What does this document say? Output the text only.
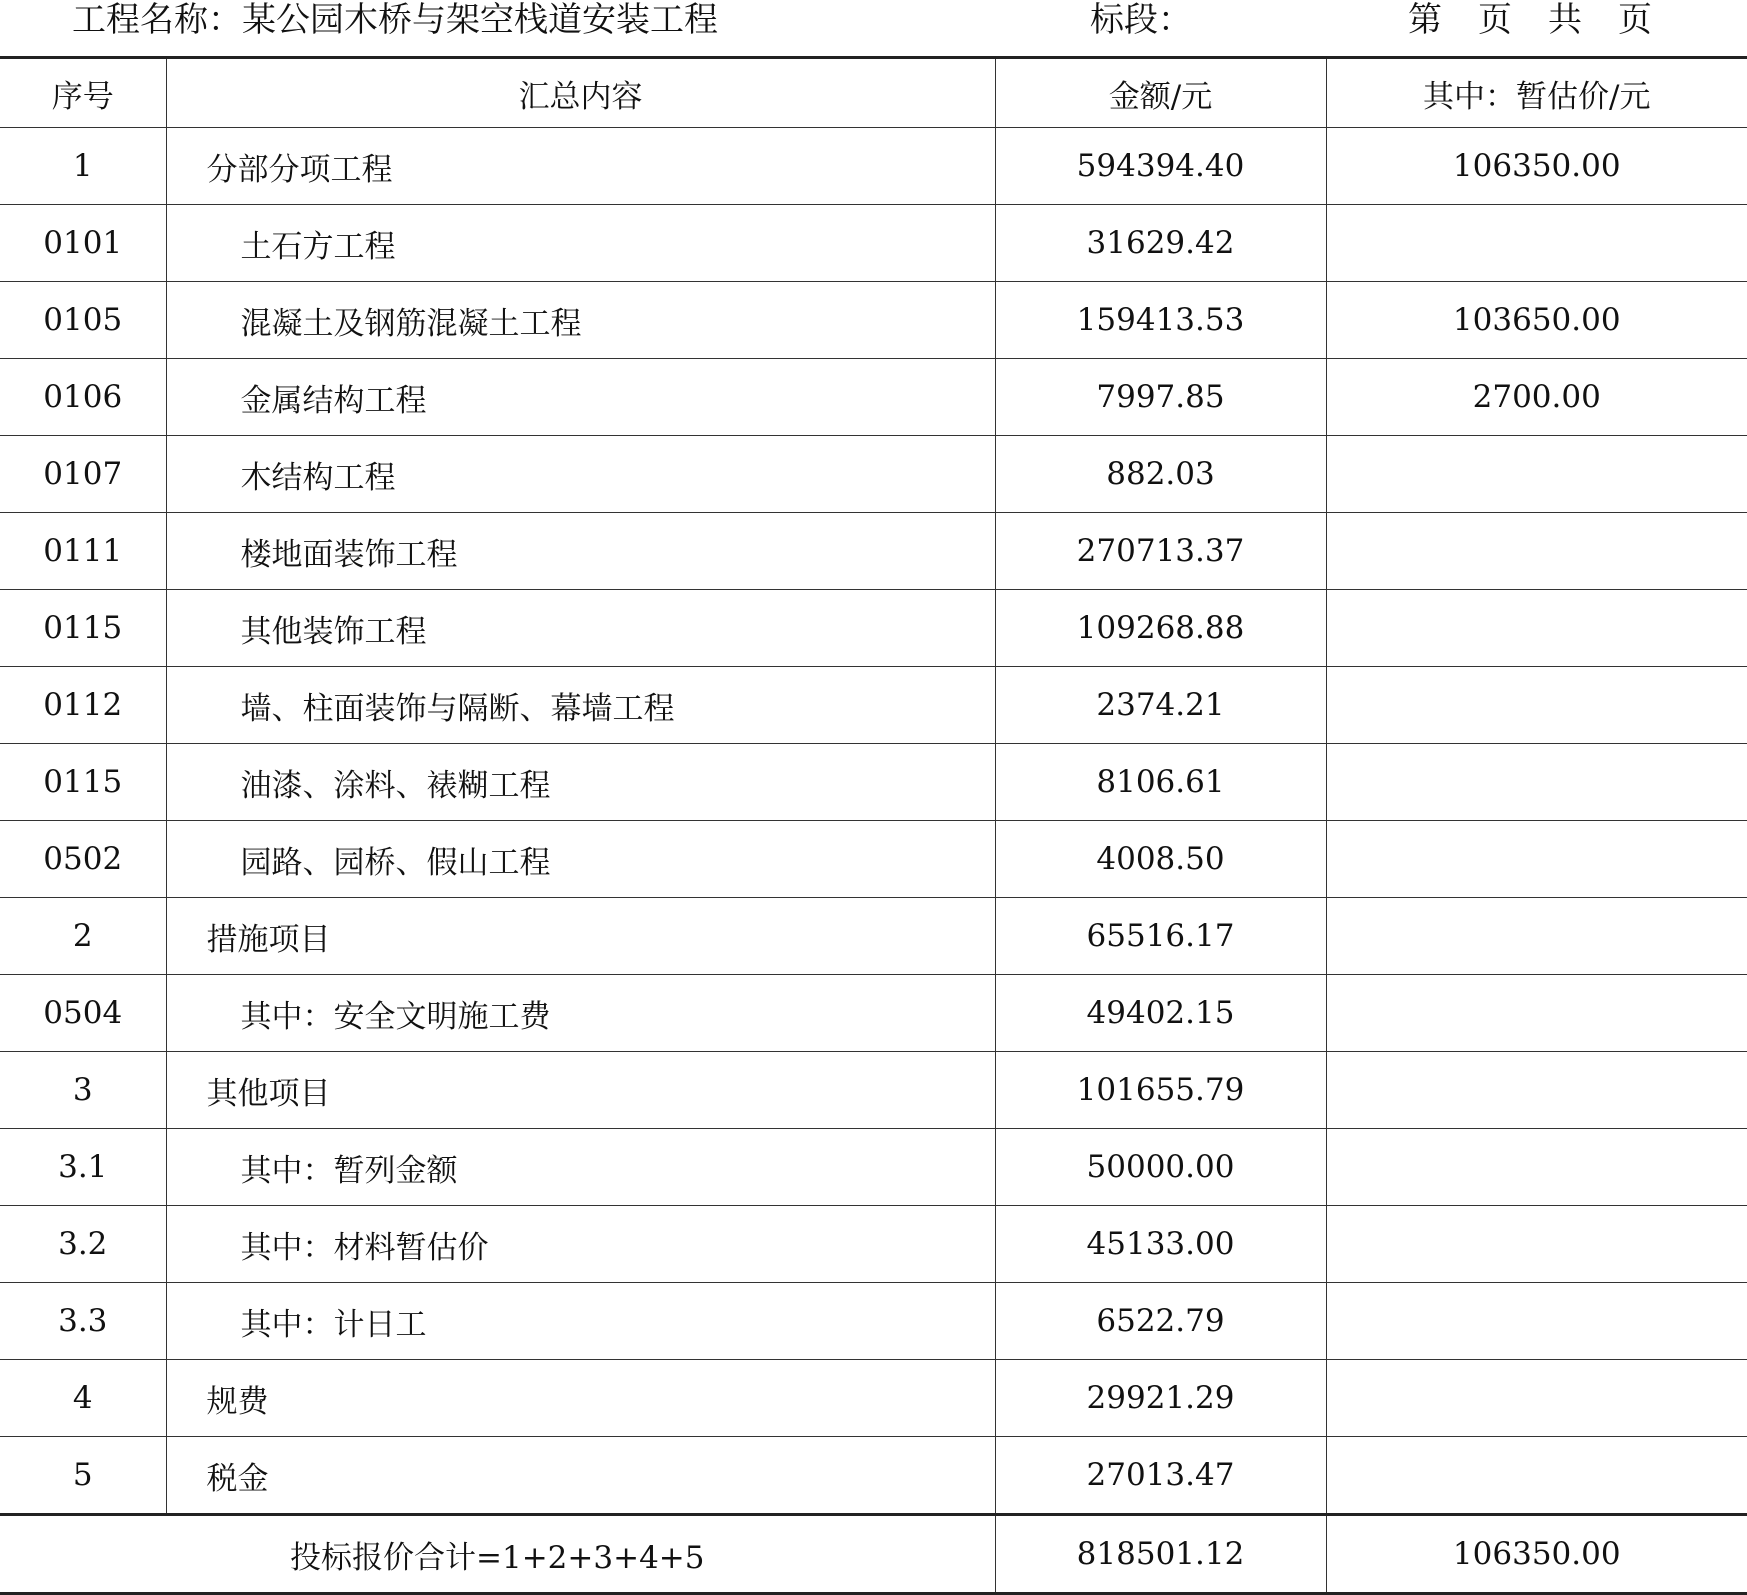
工程名称：某公园木桥与架空栈道安装工程	标段：	第 页 共 页
序号	汇总内容	金额/元	其中：暂估价/元
1	分部分项工程	594394.40	106350.00
0101	土石方工程	31629.42	
0105	混凝土及钢筋混凝土工程	159413.53	103650.00
0106	金属结构工程	7997.85	2700.00
0107	木结构工程	882.03	
0111	楼地面装饰工程	270713.37	
0115	其他装饰工程	109268.88	
0112	墙、柱面装饰与隔断、幕墙工程	2374.21	
0115	油漆、涂料、裱糊工程	8106.61	
0502	园路、园桥、假山工程	4008.50	
2	措施项目	65516.17	
0504	其中：安全文明施工费	49402.15	
3	其他项目	101655.79	
3.1	其中：暂列金额	50000.00	
3.2	其中：材料暂估价	45133.00	
3.3	其中：计日工	6522.79	
4	规费	29921.29	
5	税金	27013.47	
投标报价合计=1+2+3+4+5		818501.12	106350.00
